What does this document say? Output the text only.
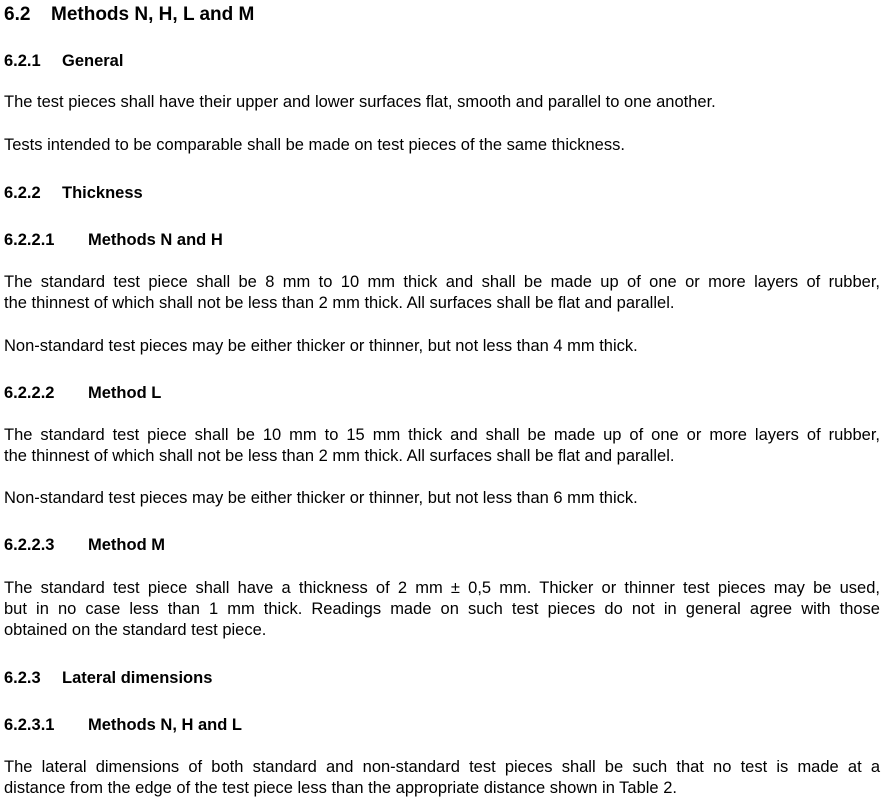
6.2 Methods N, H, L and M
6.2.1 General

The test pieces shall have their upper and lower surfaces flat, smooth and parallel to one another.

Tests intended to be comparable shall be made on test pieces of the same thickness.

6.2.2 Thickness
6.2.2.1 Methods N and H

The standard test piece shall be 8 mm to 10 mm thick and shall be made up of one or more layers of rubber,
the thinnest of which shall not be less than 2 mm thick. All surfaces shall be flat and parallel.

Non-standard test pieces may be either thicker or thinner, but not less than 4 mm thick.

6.2.2.2 Method L

The standard test piece shall be 10 mm to 15 mm thick and shall be made up of one or more layers of rubber,
the thinnest of which shall not be less than 2 mm thick. All surfaces shall be flat and parallel.

Non-standard test pieces may be either thicker or thinner, but not less than 6 mm thick.

6.2.2.3 Method M

The standard test piece shall have a thickness of 2 mm ± 0,5 mm. Thicker or thinner test pieces may be used,
but in no case less than 1 mm thick. Readings made on such test pieces do not in general agree with those
obtained on the standard test piece.

6.2.3 Lateral dimensions
6.2.3.1 Methods N, H and L

The lateral dimensions of both standard and non-standard test pieces shall be such that no test is made at a
distance from the edge of the test piece less than the appropriate distance shown in Table 2.
